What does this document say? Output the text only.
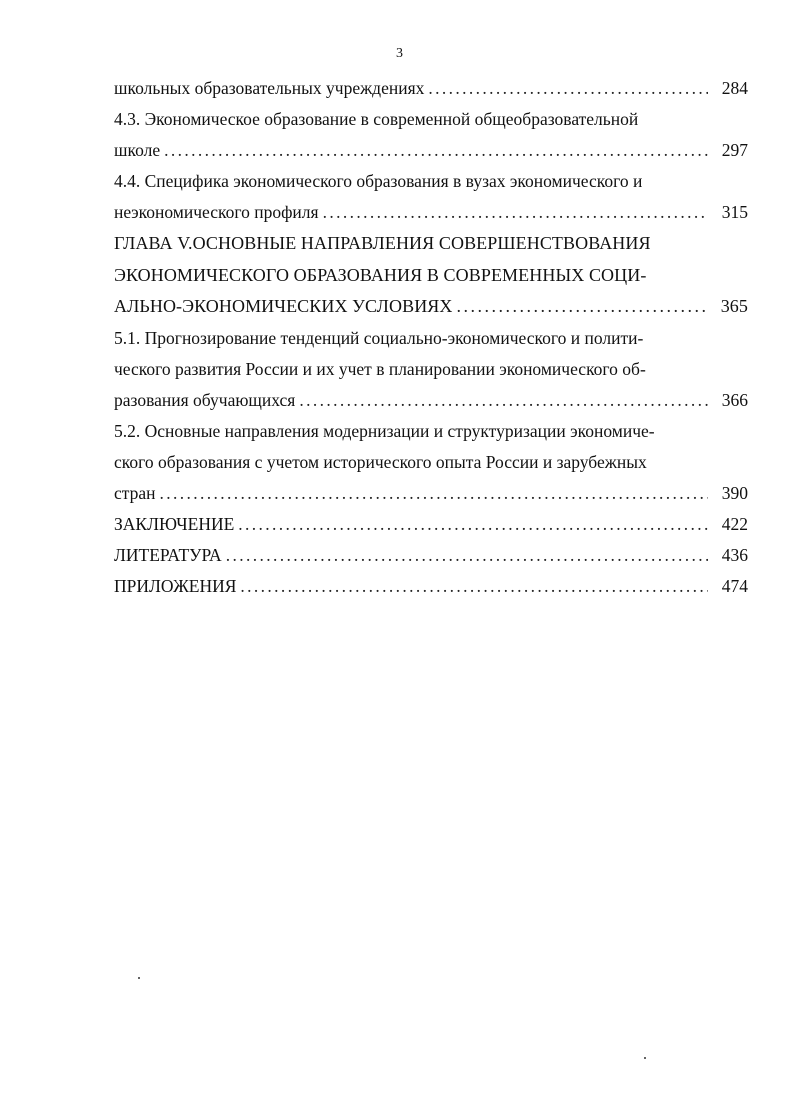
3
школьных образовательных учреждениях . . .	284
4.3. Экономическое образование в современной общеобразовательной
школе . . .	297
4.4. Специфика экономического образования в вузах экономического и
неэкономического профиля . . .	315
ГЛАВА V.ОСНОВНЫЕ НАПРАВЛЕНИЯ СОВЕРШЕНСТВОВАНИЯ
ЭКОНОМИЧЕСКОГО ОБРАЗОВАНИЯ В СОВРЕМЕННЫХ СОЦИ-
АЛЬНО-ЭКОНОМИЧЕСКИХ УСЛОВИЯХ . . .	365
5.1. Прогнозирование тенденций социально-экономического и полити-
ческого развития России и их учет в планировании экономического об-
разования обучающихся . . .	366
5.2. Основные направления модернизации и структуризации экономиче-
ского образования с учетом исторического опыта России и зарубежных
стран . . .	390
ЗАКЛЮЧЕНИЕ . . .	422
ЛИТЕРАТУРА . . .	436
ПРИЛОЖЕНИЯ . . .	474
